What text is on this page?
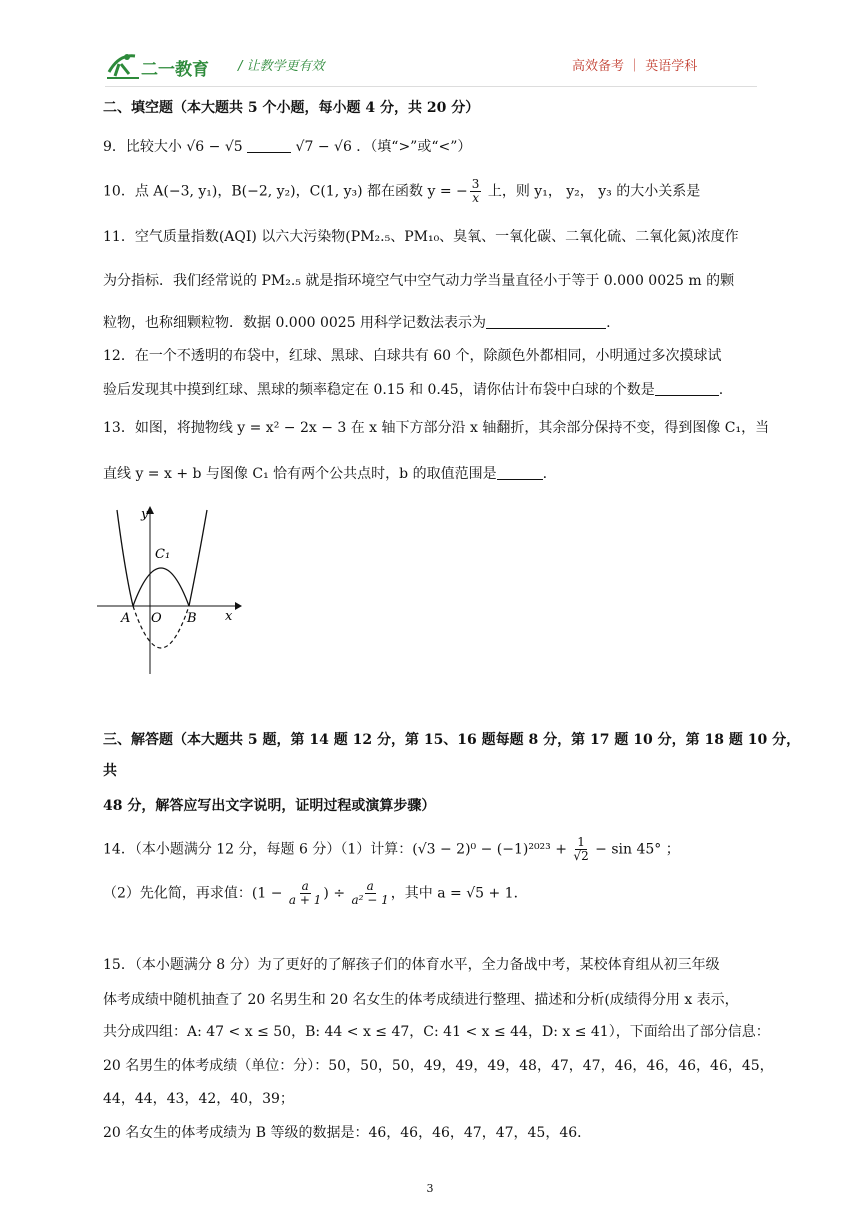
二一教育 / 让教学更有效	高效备考 ｜ 英语学科
二、填空题（本大题共 5 个小题，每小题 4 分，共 20 分）
9．比较大小 √6 − √5	√7 − √6 ．（填“>”或“<”）
10．点 A(−3, y₁)，B(−2, y₂)，C(1, y₃) 都在函数 y = − $\frac{3}{x}$ 上，则 y₁， y₂， y₃ 的大小关系是
11．空气质量指数(AQI) 以六大污染物(PM₂.₅、PM₁₀、臭氧、一氧化碳、二氧化硫、二氧化氮)浓度作
为分指标．我们经常说的 PM₂.₅ 就是指环境空气中空气动力学当量直径小于等于 0.000 0025 m 的颗
粒物，也称细颗粒物．数据 0.000 0025 用科学记数法表示为	.
12．在一个不透明的布袋中，红球、黑球、白球共有 60 个，除颜色外都相同，小明通过多次摸球试
验后发现其中摸到红球、黑球的频率稳定在 0.15 和 0.45，请你估计布袋中白球的个数是	.
13．如图，将抛物线 y = x² − 2x − 3 在 x 轴下方部分沿 x 轴翻折，其余部分保持不变，得到图像 C₁，当
直线 y = x + b 与图像 C₁ 恰有两个公共点时，b 的取值范围是	.
y
x
C₁
A O B
三、解答题（本大题共 5 题，第 14 题 12 分，第 15、16 题每题 8 分，第 17 题 10 分，第 18 题 10 分，
共
48 分，解答应写出文字说明，证明过程或演算步骤）
14．（本小题满分 12 分，每题 6 分）（1）计算：$(√3 - 2)^0 - (-1)^{2023} + \frac{1}{√2} - \sin 45^\circ$ ；
（2）先化简，再求值：($1 - \frac{a}{a + 1}$ ) ÷ $\frac{a}{\text{a² − 1}}$ ，其中 a = √5 + 1．
15．（本小题满分 8 分）为了更好的了解孩子们的体育水平，全力备战中考，某校体育组从初三年级
体考成绩中随机抽查了 20 名男生和 20 名女生的体考成绩进行整理、描述和分析(成绩得分用 x 表示，
共分成四组：A: 47 < x ≤ 50，B: 44 < x ≤ 47，C: 41 < x ≤ 44，D: x ≤ 41），下面给出了部分信息：
20 名男生的体考成绩（单位：分）：50，50，50，49，49，49，48，47，47，46，46，46，46，45，
44，44，43，42，40，39；
20 名女生的体考成绩为 B 等级的数据是：46，46，46，47，47，45，46．
3
